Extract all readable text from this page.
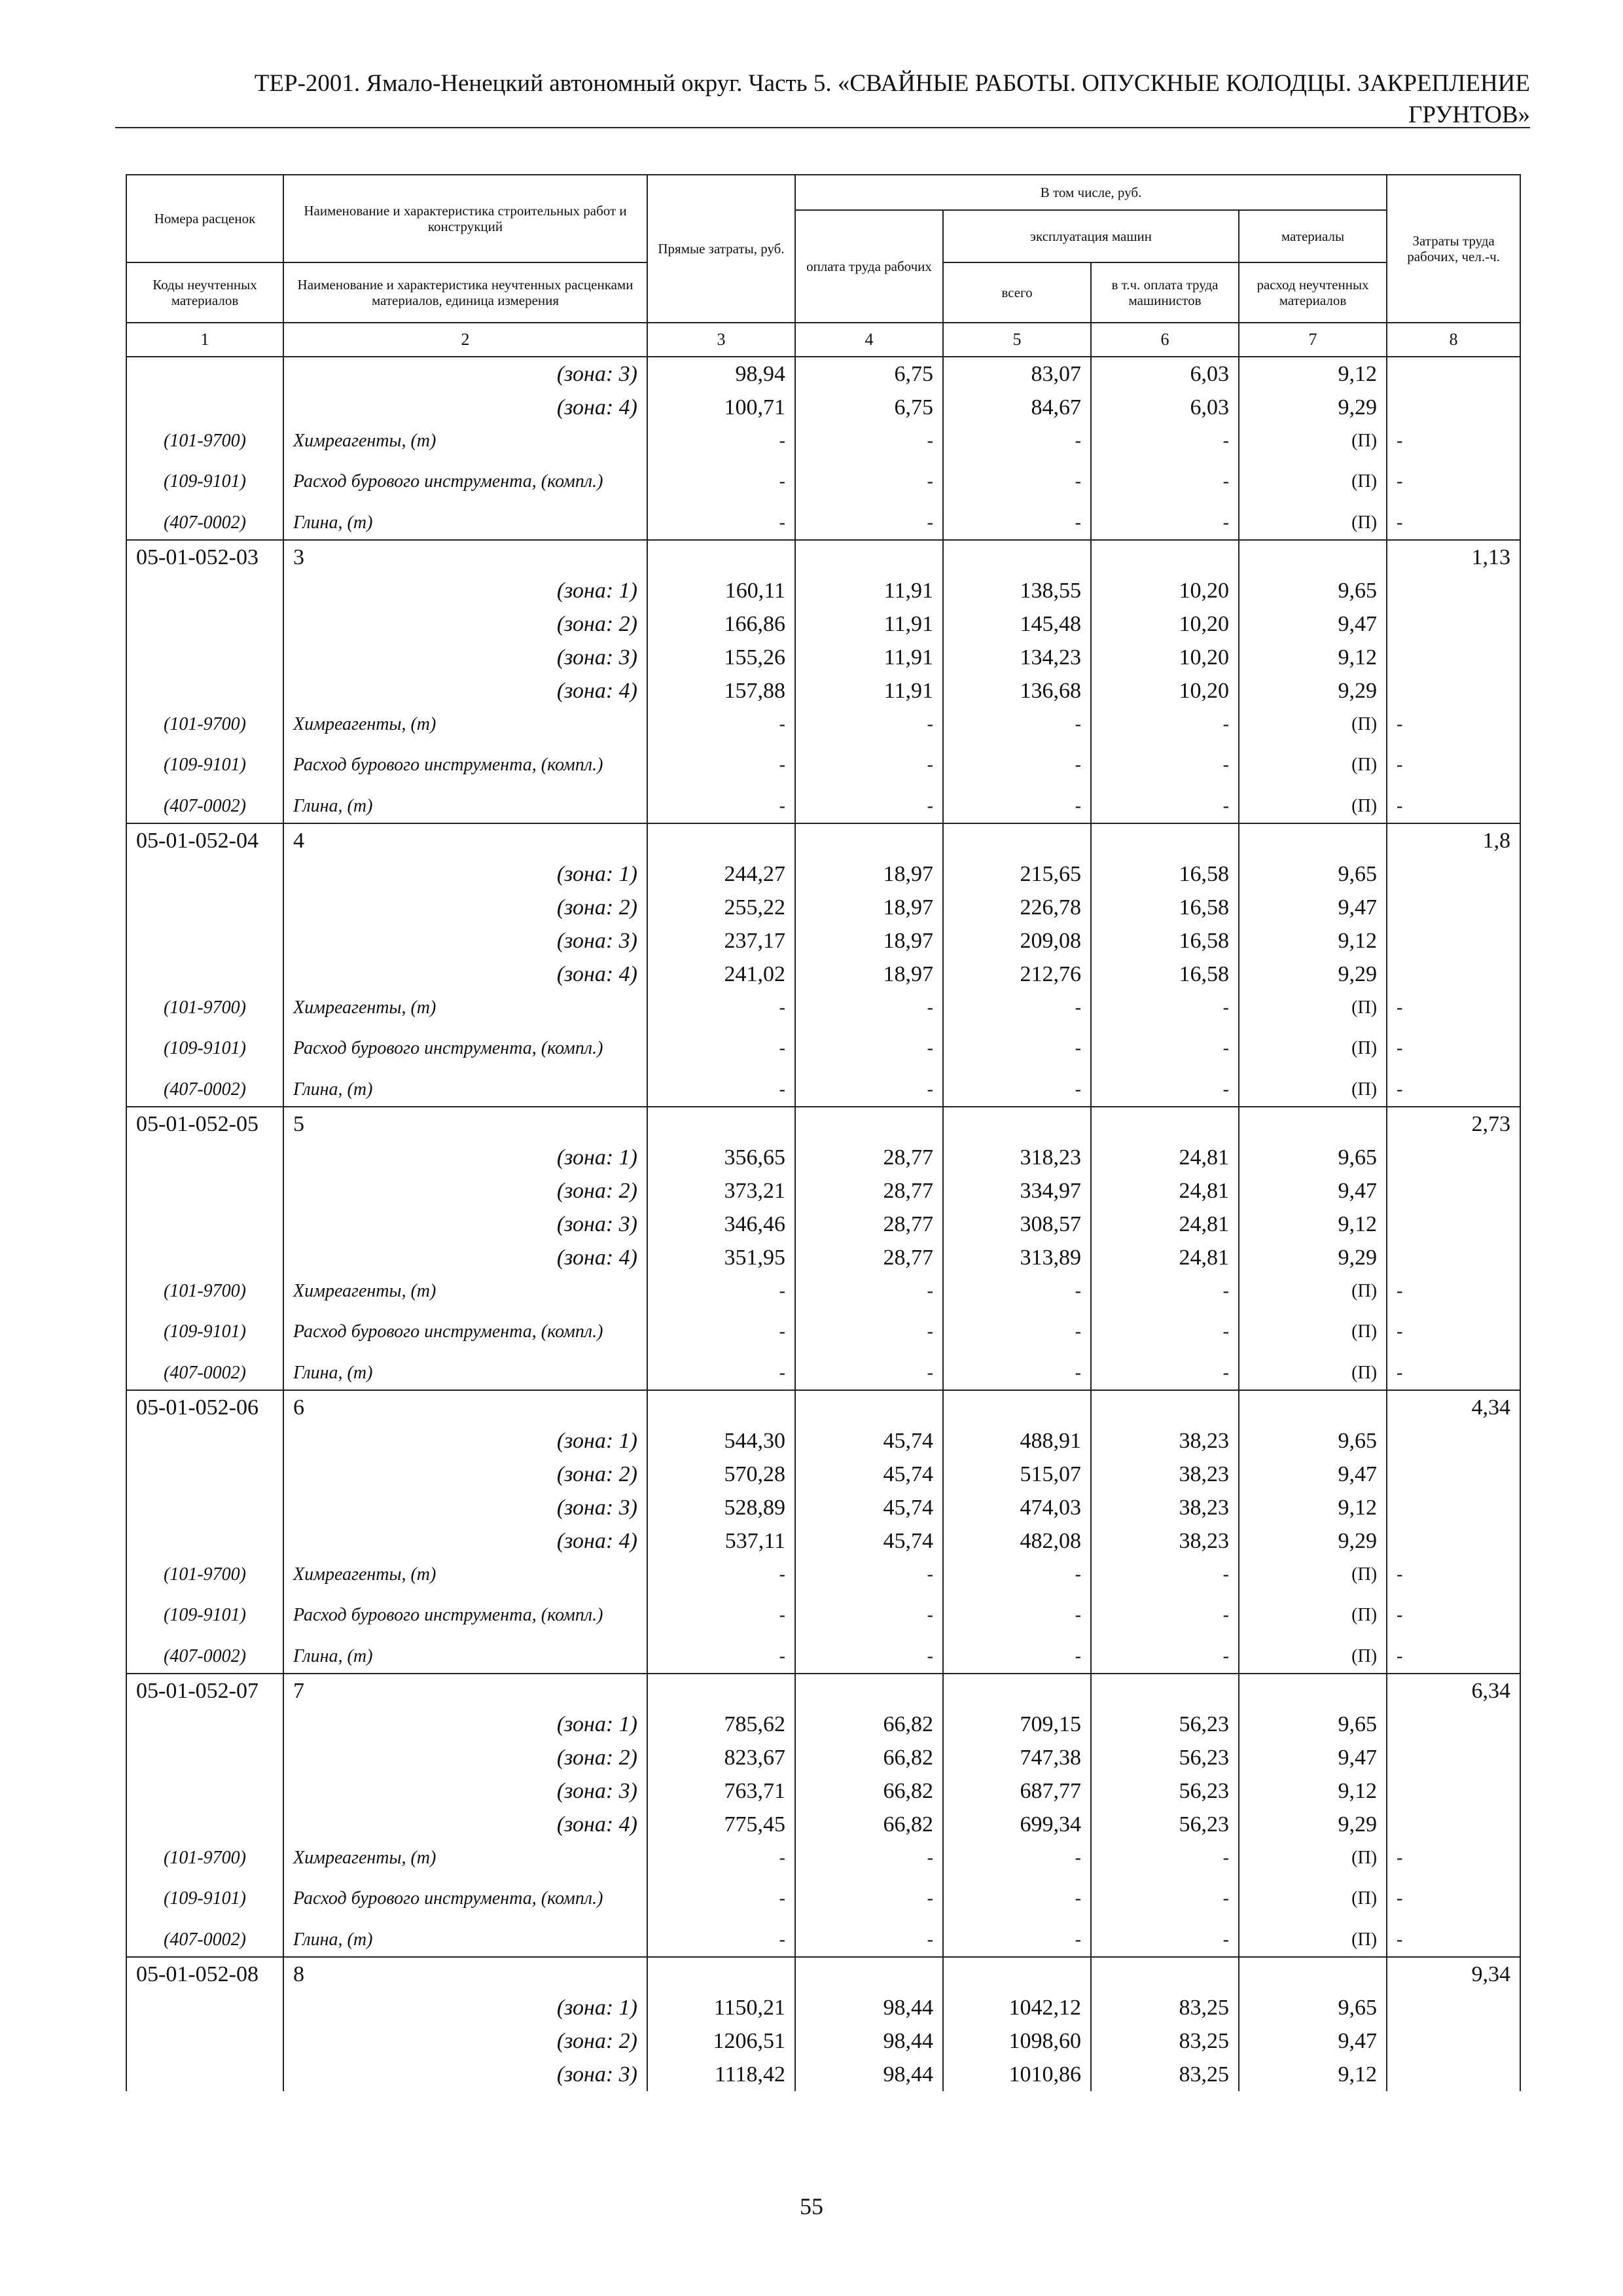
ТЕР-2001. Ямало-Ненецкий автономный округ. Часть 5. «СВАЙНЫЕ РАБОТЫ. ОПУСКНЫЕ КОЛОДЦЫ. ЗАКРЕПЛЕНИЕ
ГРУНТОВ»
Номера расценок	Наименование и характеристика строительных работ и конструкций	Прямые затраты, руб.	В том числе, руб.				Затраты труда рабочих, чел.-ч.
			оплата труда рабочих	эксплуатация машин		материалы	
Коды неучтенных материалов	Наименование и характеристика неучтенных расценками материалов, единица измерения			всего	в т.ч. оплата труда машинистов	расход неучтенных материалов	
1	2	3	4	5	6	7	8
	(зона: 3)	98,94	6,75	83,07	6,03	9,12	
	(зона: 4)	100,71	6,75	84,67	6,03	9,29	
(101-9700)	Химреагенты, (т)	-	-	-	-	(П)	-
(109-9101)	Расход бурового инструмента, (компл.)	-	-	-	-	(П)	-
(407-0002)	Глина, (т)	-	-	-	-	(П)	-
05-01-052-03	3						1,13
	(зона: 1)	160,11	11,91	138,55	10,20	9,65	
	(зона: 2)	166,86	11,91	145,48	10,20	9,47	
	(зона: 3)	155,26	11,91	134,23	10,20	9,12	
	(зона: 4)	157,88	11,91	136,68	10,20	9,29	
(101-9700)	Химреагенты, (т)	-	-	-	-	(П)	-
(109-9101)	Расход бурового инструмента, (компл.)	-	-	-	-	(П)	-
(407-0002)	Глина, (т)	-	-	-	-	(П)	-
05-01-052-04	4						1,8
	(зона: 1)	244,27	18,97	215,65	16,58	9,65	
	(зона: 2)	255,22	18,97	226,78	16,58	9,47	
	(зона: 3)	237,17	18,97	209,08	16,58	9,12	
	(зона: 4)	241,02	18,97	212,76	16,58	9,29	
(101-9700)	Химреагенты, (т)	-	-	-	-	(П)	-
(109-9101)	Расход бурового инструмента, (компл.)	-	-	-	-	(П)	-
(407-0002)	Глина, (т)	-	-	-	-	(П)	-
05-01-052-05	5						2,73
	(зона: 1)	356,65	28,77	318,23	24,81	9,65	
	(зона: 2)	373,21	28,77	334,97	24,81	9,47	
	(зона: 3)	346,46	28,77	308,57	24,81	9,12	
	(зона: 4)	351,95	28,77	313,89	24,81	9,29	
(101-9700)	Химреагенты, (т)	-	-	-	-	(П)	-
(109-9101)	Расход бурового инструмента, (компл.)	-	-	-	-	(П)	-
(407-0002)	Глина, (т)	-	-	-	-	(П)	-
05-01-052-06	6						4,34
	(зона: 1)	544,30	45,74	488,91	38,23	9,65	
	(зона: 2)	570,28	45,74	515,07	38,23	9,47	
	(зона: 3)	528,89	45,74	474,03	38,23	9,12	
	(зона: 4)	537,11	45,74	482,08	38,23	9,29	
(101-9700)	Химреагенты, (т)	-	-	-	-	(П)	-
(109-9101)	Расход бурового инструмента, (компл.)	-	-	-	-	(П)	-
(407-0002)	Глина, (т)	-	-	-	-	(П)	-
05-01-052-07	7						6,34
	(зона: 1)	785,62	66,82	709,15	56,23	9,65	
	(зона: 2)	823,67	66,82	747,38	56,23	9,47	
	(зона: 3)	763,71	66,82	687,77	56,23	9,12	
	(зона: 4)	775,45	66,82	699,34	56,23	9,29	
(101-9700)	Химреагенты, (т)	-	-	-	-	(П)	-
(109-9101)	Расход бурового инструмента, (компл.)	-	-	-	-	(П)	-
(407-0002)	Глина, (т)	-	-	-	-	(П)	-
05-01-052-08	8						9,34
	(зона: 1)	1150,21	98,44	1042,12	83,25	9,65	
	(зона: 2)	1206,51	98,44	1098,60	83,25	9,47	
	(зона: 3)	1118,42	98,44	1010,86	83,25	9,12	
55
